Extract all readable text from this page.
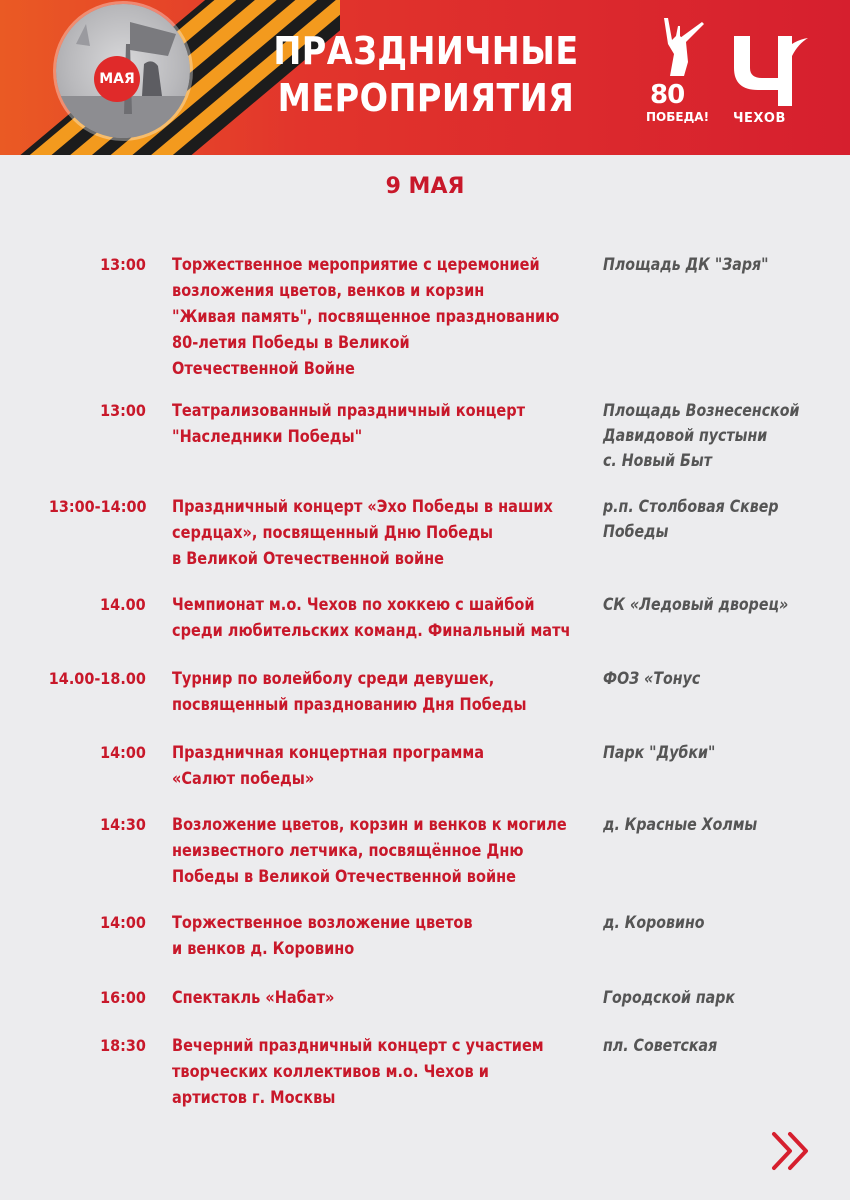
МАЯ
ПРАЗДНИЧНЫЕ
МЕРОПРИЯТИЯ	80
ПОБЕДА! ЧЕХОВ
9 МАЯ
13:00 Торжественное мероприятие с церемонией
возложения цветов, венков и корзин
"Живая память", посвященное празднованию
80-летия Победы в Великой
Отечественной Войне
Площадь ДК "Заря"
13:00 Театрализованный праздничный концерт
"Наследники Победы"
Площадь Вознесенской
Давидовой пустыни
с. Новый Быт
13:00-14:00 Праздничный концерт «Эхо Победы в наших
сердцах», посвященный Дню Победы
в Великой Отечественной войне
р.п. Столбовая Сквер
Победы
14.00 Чемпионат м.о. Чехов по хоккею с шайбой
среди любительских команд. Финальный матч
СК «Ледовый дворец»
14.00-18.00 Турнир по волейболу среди девушек,
посвященный празднованию Дня Победы
ФОЗ «Тонус
14:00 Праздничная концертная программа
«Салют победы»
Парк "Дубки"
14:30 Возложение цветов, корзин и венков к могиле
неизвестного летчика, посвящённое Дню
Победы в Великой Отечественной войне
д. Красные Холмы
14:00 Торжественное возложение цветов
и венков д. Коровино
д. Коровино
16:00 Спектакль «Набат»	Городской парк
18:30 Вечерний праздничный концерт с участием
творческих коллективов м.о. Чехов и
артистов г. Москвы
пл. Советская
